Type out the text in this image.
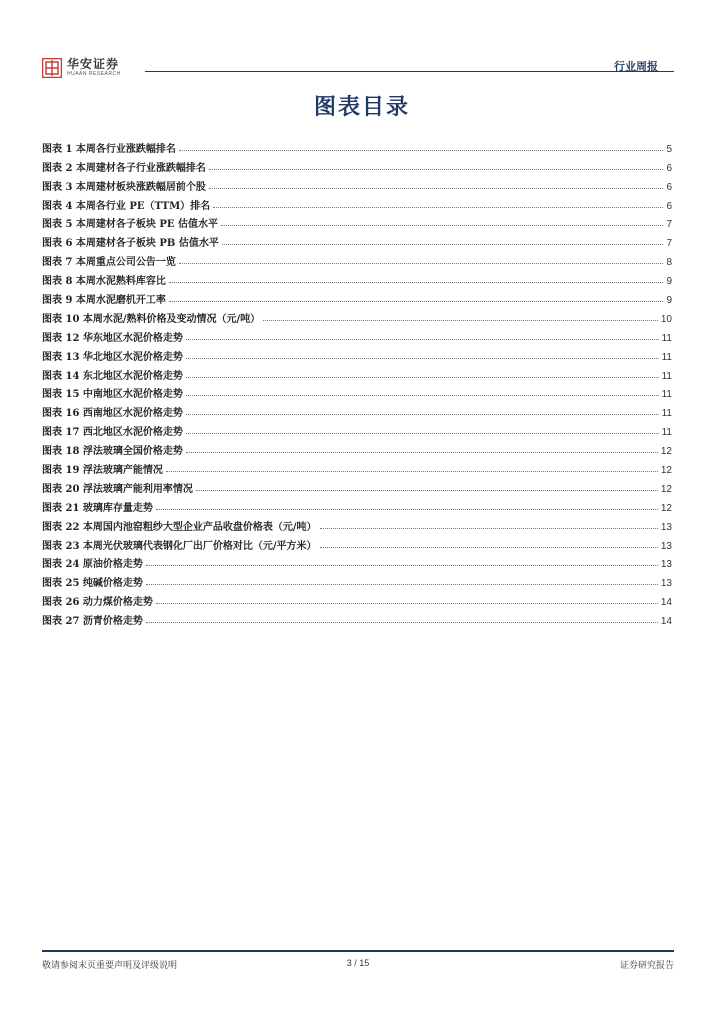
华安证券
HUAAN RESEARCH
行业周报
图表目录
图表 1 本周各行业涨跌幅排名	5
图表 2 本周建材各子行业涨跌幅排名	6
图表 3 本周建材板块涨跌幅居前个股	6
图表 4 本周各行业 PE（TTM）排名	6
图表 5 本周建材各子板块 PE 估值水平	7
图表 6 本周建材各子板块 PB 估值水平	7
图表 7 本周重点公司公告一览	8
图表 8 本周水泥熟料库容比	9
图表 9 本周水泥磨机开工率	9
图表 10 本周水泥/熟料价格及变动情况（元/吨）	10
图表 12 华东地区水泥价格走势	11
图表 13 华北地区水泥价格走势	11
图表 14 东北地区水泥价格走势	11
图表 15 中南地区水泥价格走势	11
图表 16 西南地区水泥价格走势	11
图表 17 西北地区水泥价格走势	11
图表 18 浮法玻璃全国价格走势	12
图表 19 浮法玻璃产能情况	12
图表 20 浮法玻璃产能利用率情况	12
图表 21 玻璃库存量走势	12
图表 22 本周国内池窑粗纱大型企业产品收盘价格表（元/吨）	13
图表 23 本周光伏玻璃代表钢化厂出厂价格对比（元/平方米）	13
图表 24 原油价格走势	13
图表 25 纯碱价格走势	13
图表 26 动力煤价格走势	14
图表 27 沥青价格走势	14
敬请参阅末页重要声明及评级说明	3 / 15	证券研究报告
